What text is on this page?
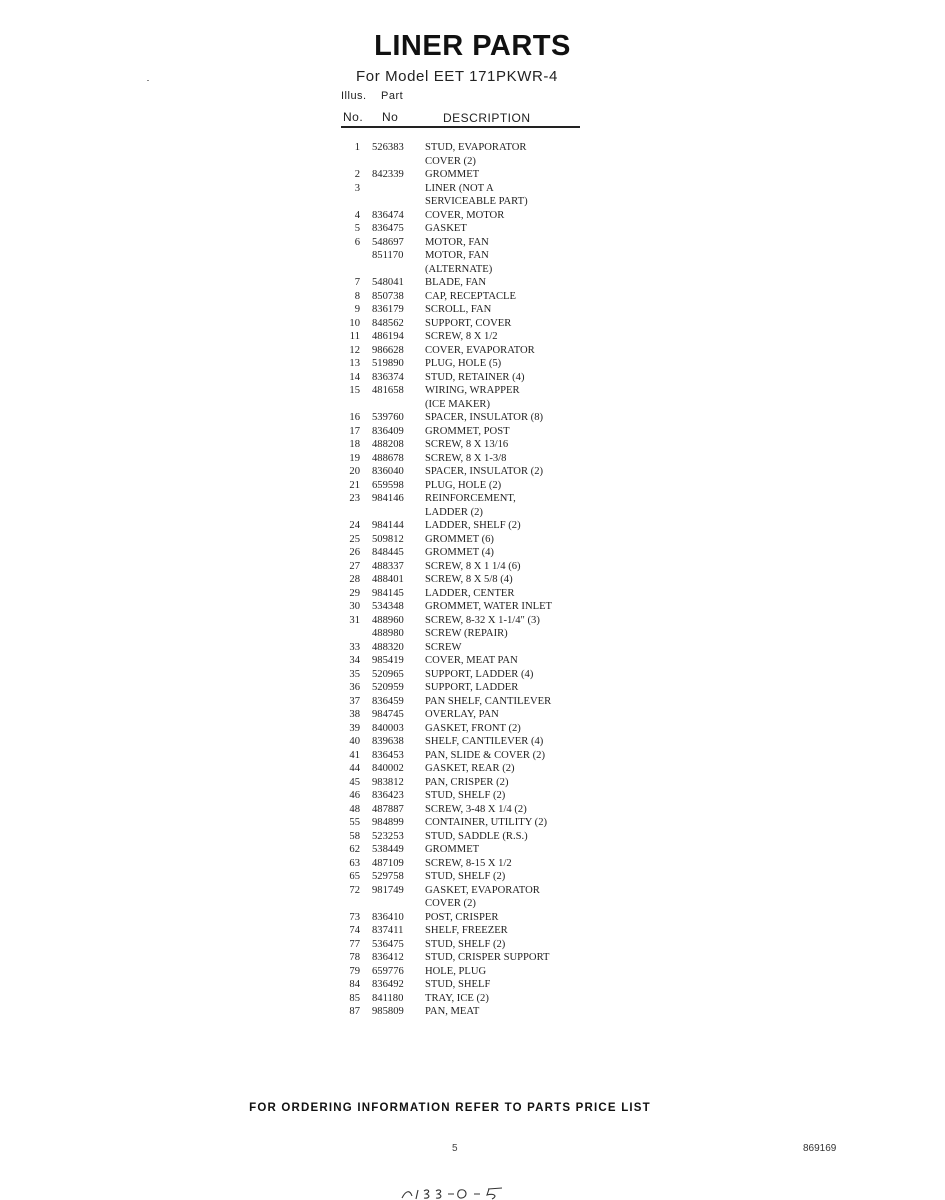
LINER PARTS
For Model EET 171PKWR-4
Illus. Part
No. No	DESCRIPTION
1 526383 STUD, EVAPORATOR
COVER (2)
2 842339 GROMMET
3	LINER (NOT A
SERVICEABLE PART)
4 836474 COVER, MOTOR
5 836475 GASKET
6 548697 MOTOR, FAN
851170 MOTOR, FAN
(ALTERNATE)
7 548041 BLADE, FAN
8 850738 CAP, RECEPTACLE
9 836179 SCROLL, FAN
10 848562 SUPPORT, COVER
11 486194 SCREW, 8 X 1/2
12 986628 COVER, EVAPORATOR
13 519890 PLUG, HOLE (5)
14 836374 STUD, RETAINER (4)
15 481658 WIRING, WRAPPER
(ICE MAKER)
16 539760 SPACER, INSULATOR (8)
17 836409 GROMMET, POST
18 488208 SCREW, 8 X 13/16
19 488678 SCREW, 8 X 1-3/8
20 836040 SPACER, INSULATOR (2)
21 659598 PLUG, HOLE (2)
23 984146 REINFORCEMENT,
LADDER (2)
24 984144 LADDER, SHELF (2)
25 509812 GROMMET (6)
26 848445 GROMMET (4)
27 488337 SCREW, 8 X 1 1/4 (6)
28 488401 SCREW, 8 X 5/8 (4)
29 984145 LADDER, CENTER
30 534348 GROMMET, WATER INLET
31 488960 SCREW, 8-32 X 1-1/4" (3)
488980 SCREW (REPAIR)
33 488320 SCREW
34 985419 COVER, MEAT PAN
35 520965 SUPPORT, LADDER (4)
36 520959 SUPPORT, LADDER
37 836459 PAN SHELF, CANTILEVER
38 984745 OVERLAY, PAN
39 840003 GASKET, FRONT (2)
40 839638 SHELF, CANTILEVER (4)
41 836453 PAN, SLIDE & COVER (2)
44 840002 GASKET, REAR (2)
45 983812 PAN, CRISPER (2)
46 836423 STUD, SHELF (2)
48 487887 SCREW, 3-48 X 1/4 (2)
55 984899 CONTAINER, UTILITY (2)
58 523253 STUD, SADDLE (R.S.)
62 538449 GROMMET
63 487109 SCREW, 8-15 X 1/2
65 529758 STUD, SHELF (2)
72 981749 GASKET, EVAPORATOR
COVER (2)
73 836410 POST, CRISPER
74 837411 SHELF, FREEZER
77 536475 STUD, SHELF (2)
78 836412 STUD, CRISPER SUPPORT
79 659776 HOLE, PLUG
84 836492 STUD, SHELF
85 841180 TRAY, ICE (2)
87 985809 PAN, MEAT
FOR ORDERING INFORMATION REFER TO PARTS PRICE LIST
5	869169
